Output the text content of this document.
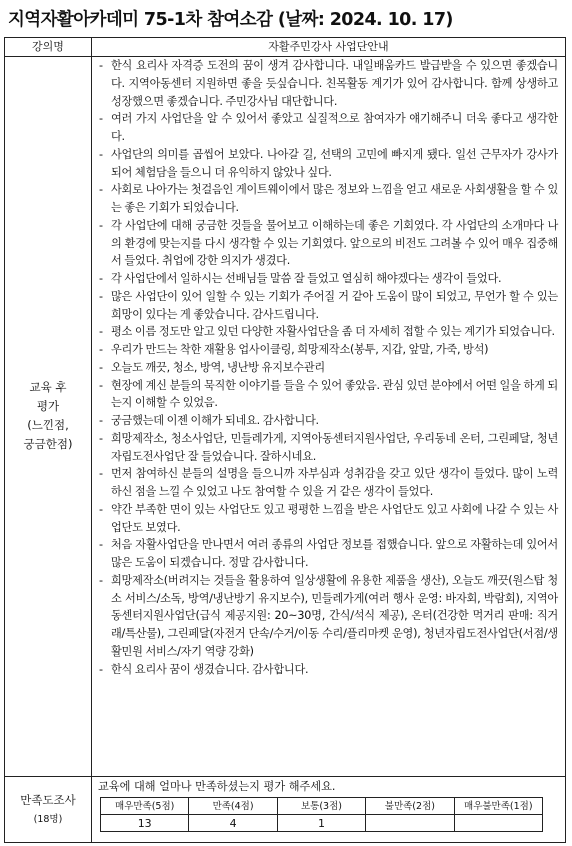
지역자활아카데미 75-1차 참여소감 (날짜: 2024. 10. 17)
강의명	자활주민강사 사업단안내
교육 후
평가
(느낀점,
궁금한점)
- 한식 요리사 자격증 도전의 꿈이 생겨 감사합니다. 내일배움카드 발급받을 수 있으면 좋겠습니다. 지역아동센터 지원하면 좋을 듯싶습니다. 친목활동 계기가 있어 감사합니다. 함께 상생하고 성장했으면 좋겠습니다. 주민강사님 대단합니다.
- 여러 가지 사업단을 알 수 있어서 좋았고 실질적으로 참여자가 얘기해주니 더욱 좋다고 생각한다.
- 사업단의 의미를 곱씹어 보았다. 나아갈 길, 선택의 고민에 빠지게 됐다. 일선 근무자가 강사가 되어 체험담을 들으니 더 유익하지 않았나 싶다.
- 사회로 나아가는 첫걸음인 게이트웨이에서 많은 정보와 느낌을 얻고 새로운 사회생활을 할 수 있는 좋은 기회가 되었습니다.
- 각 사업단에 대해 궁금한 것들을 물어보고 이해하는데 좋은 기회였다. 각 사업단의 소개마다 나의 환경에 맞는지를 다시 생각할 수 있는 기회였다. 앞으로의 비전도 그려볼 수 있어 매우 집중해서 들었다. 취업에 강한 의지가 생겼다.
- 각 사업단에서 일하시는 선배님들 말씀 잘 들었고 열심히 해야겠다는 생각이 들었다.
- 많은 사업단이 있어 일할 수 있는 기회가 주어질 거 같아 도움이 많이 되었고, 무언가 할 수 있는 희망이 있다는 게 좋았습니다. 감사드립니다.
- 평소 이름 정도만 알고 있던 다양한 자활사업단을 좀 더 자세히 접할 수 있는 계기가 되었습니다.
- 우리가 만드는 착한 재활용 업사이클링, 희망제작소(봉투, 지갑, 앞말, 가죽, 방석)
- 오늘도 깨끗, 청소, 방역, 냉난방 유지보수관리
- 현장에 계신 분들의 묵직한 이야기를 들을 수 있어 좋았음. 관심 있던 분야에서 어떤 일을 하게 되는지 이해할 수 있었음.
- 궁금했는데 이젠 이해가 되네요. 감사합니다.
- 희망제작소, 청소사업단, 민들레가게, 지역아동센터지원사업단, 우리동네 온터, 그린페달, 청년자립도전사업단 잘 들었습니다. 잘하시네요.
- 먼저 참여하신 분들의 설명을 들으니까 자부심과 성취감을 갖고 있단 생각이 들었다. 많이 노력하신 점을 느낄 수 있었고 나도 참여할 수 있을 거 같은 생각이 들었다.
- 약간 부족한 면이 있는 사업단도 있고 평평한 느낌을 받은 사업단도 있고 사회에 나갈 수 있는 사업단도 보였다.
- 처음 자활사업단을 만나면서 여러 종류의 사업단 정보를 접했습니다. 앞으로 자활하는데 있어서 많은 도움이 되겠습니다. 정말 감사합니다.
- 희망제작소(버려지는 것들을 활용하여 일상생활에 유용한 제품을 생산), 오늘도 깨끗(원스탑 청소 서비스/소독, 방역/냉난방기 유지보수), 민들레가게(여러 행사 운영: 바자회, 박람회), 지역아동센터지원사업단(급식 제공지원: 20~30명, 간식/석식 제공), 온터(건강한 먹거리 판매: 직거래/특산물), 그린페달(자전거 단속/수거/이동 수리/플리마켓 운영), 청년자립도전사업단(서점/생활민원 서비스/자기 역량 강화)
- 한식 요리사 꿈이 생겼습니다. 감사합니다.
만족도조사
(18명)
교육에 대해 얼마나 만족하셨는지 평가 해주세요.
매우만족(5점)	만족(4점)	보통(3점)	불만족(2점)	매우불만족(1점)
13	4	1		
